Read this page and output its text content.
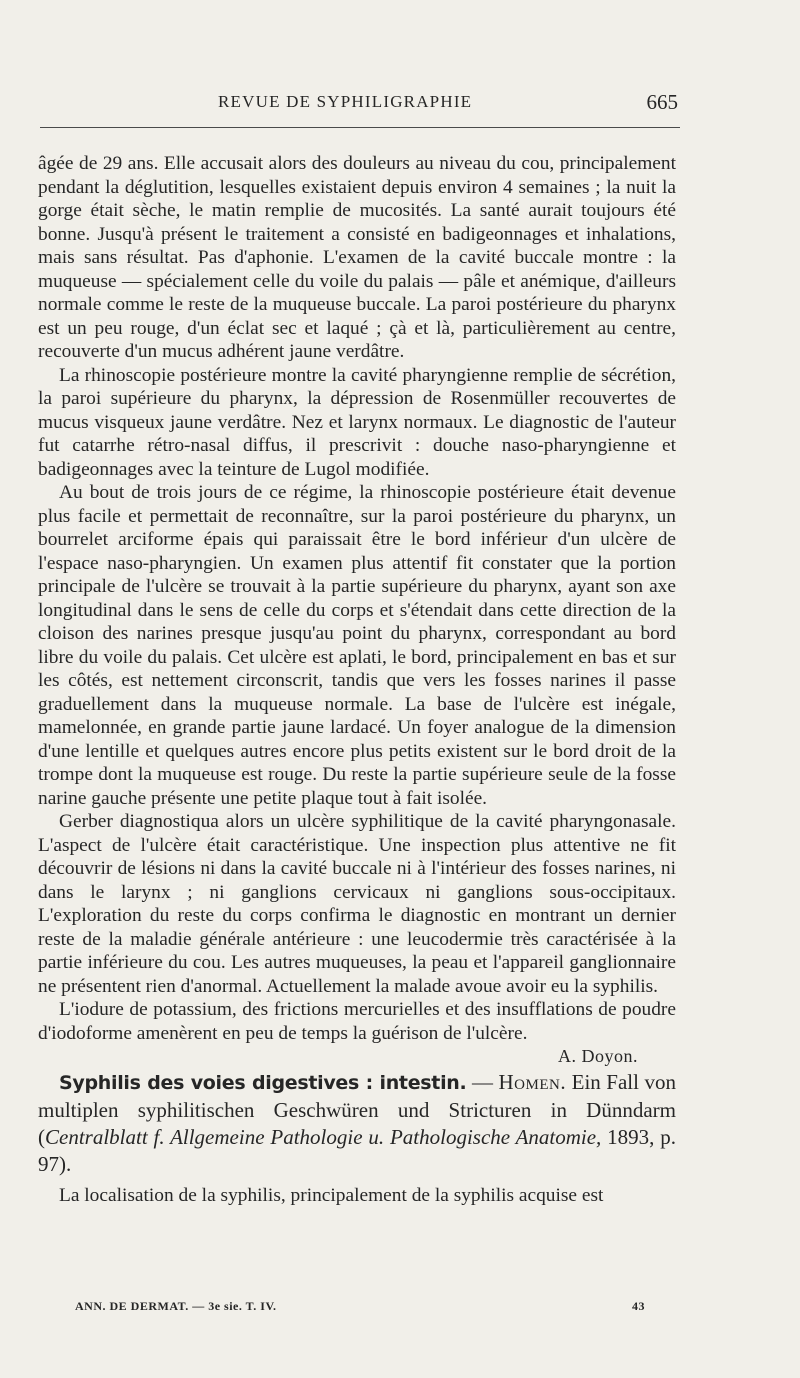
REVUE DE SYPHILIGRAPHIE	665

âgée de 29 ans. Elle accusait alors des douleurs au niveau du cou, principalement pendant la déglutition, lesquelles existaient depuis environ 4 semaines ; la nuit la gorge était sèche, le matin remplie de mucosités. La santé aurait toujours été bonne. Jusqu'à présent le traitement a consisté en badigeonnages et inhalations, mais sans résultat. Pas d'aphonie. L'examen de la cavité buccale montre : la muqueuse — spécialement celle du voile du palais — pâle et anémique, d'ailleurs normale comme le reste de la muqueuse buccale. La paroi postérieure du pharynx est un peu rouge, d'un éclat sec et laqué ; çà et là, particulièrement au centre, recouverte d'un mucus adhérent jaune verdâtre.

La rhinoscopie postérieure montre la cavité pharyngienne remplie de sécrétion, la paroi supérieure du pharynx, la dépression de Rosenmüller recouvertes de mucus visqueux jaune verdâtre. Nez et larynx normaux. Le diagnostic de l'auteur fut catarrhe rétro-nasal diffus, il prescrivit : douche naso-pharyngienne et badigeonnages avec la teinture de Lugol modifiée.

Au bout de trois jours de ce régime, la rhinoscopie postérieure était devenue plus facile et permettait de reconnaître, sur la paroi postérieure du pharynx, un bourrelet arciforme épais qui paraissait être le bord inférieur d'un ulcère de l'espace naso-pharyngien. Un examen plus attentif fit constater que la portion principale de l'ulcère se trouvait à la partie supérieure du pharynx, ayant son axe longitudinal dans le sens de celle du corps et s'étendait dans cette direction de la cloison des narines presque jusqu'au point du pharynx, correspondant au bord libre du voile du palais. Cet ulcère est aplati, le bord, principalement en bas et sur les côtés, est nettement circonscrit, tandis que vers les fosses narines il passe graduellement dans la muqueuse normale. La base de l'ulcère est inégale, mamelonnée, en grande partie jaune lardacé. Un foyer analogue de la dimension d'une lentille et quelques autres encore plus petits existent sur le bord droit de la trompe dont la muqueuse est rouge. Du reste la partie supérieure seule de la fosse narine gauche présente une petite plaque tout à fait isolée.

Gerber diagnostiqua alors un ulcère syphilitique de la cavité pharyngonasale. L'aspect de l'ulcère était caractéristique. Une inspection plus attentive ne fit découvrir de lésions ni dans la cavité buccale ni à l'intérieur des fosses narines, ni dans le larynx ; ni ganglions cervicaux ni ganglions sous-occipitaux. L'exploration du reste du corps confirma le diagnostic en montrant un dernier reste de la maladie générale antérieure : une leucodermie très caractérisée à la partie inférieure du cou. Les autres muqueuses, la peau et l'appareil ganglionnaire ne présentent rien d'anormal. Actuellement la malade avoue avoir eu la syphilis.

L'iodure de potassium, des frictions mercurielles et des insufflations de poudre d'iodoforme amenèrent en peu de temps la guérison de l'ulcère.

A. Doyon.

Syphilis des voies digestives : intestin. — Homen. Ein Fall von multiplen syphilitischen Geschwüren und Stricturen in Dünndarm (Centralblatt f. Allgemeine Pathologie u. Pathologische Anatomie, 1893, p. 97).

La localisation de la syphilis, principalement de la syphilis acquise est

ANN. DE DERMAT. — 3e sie. T. IV.	43
